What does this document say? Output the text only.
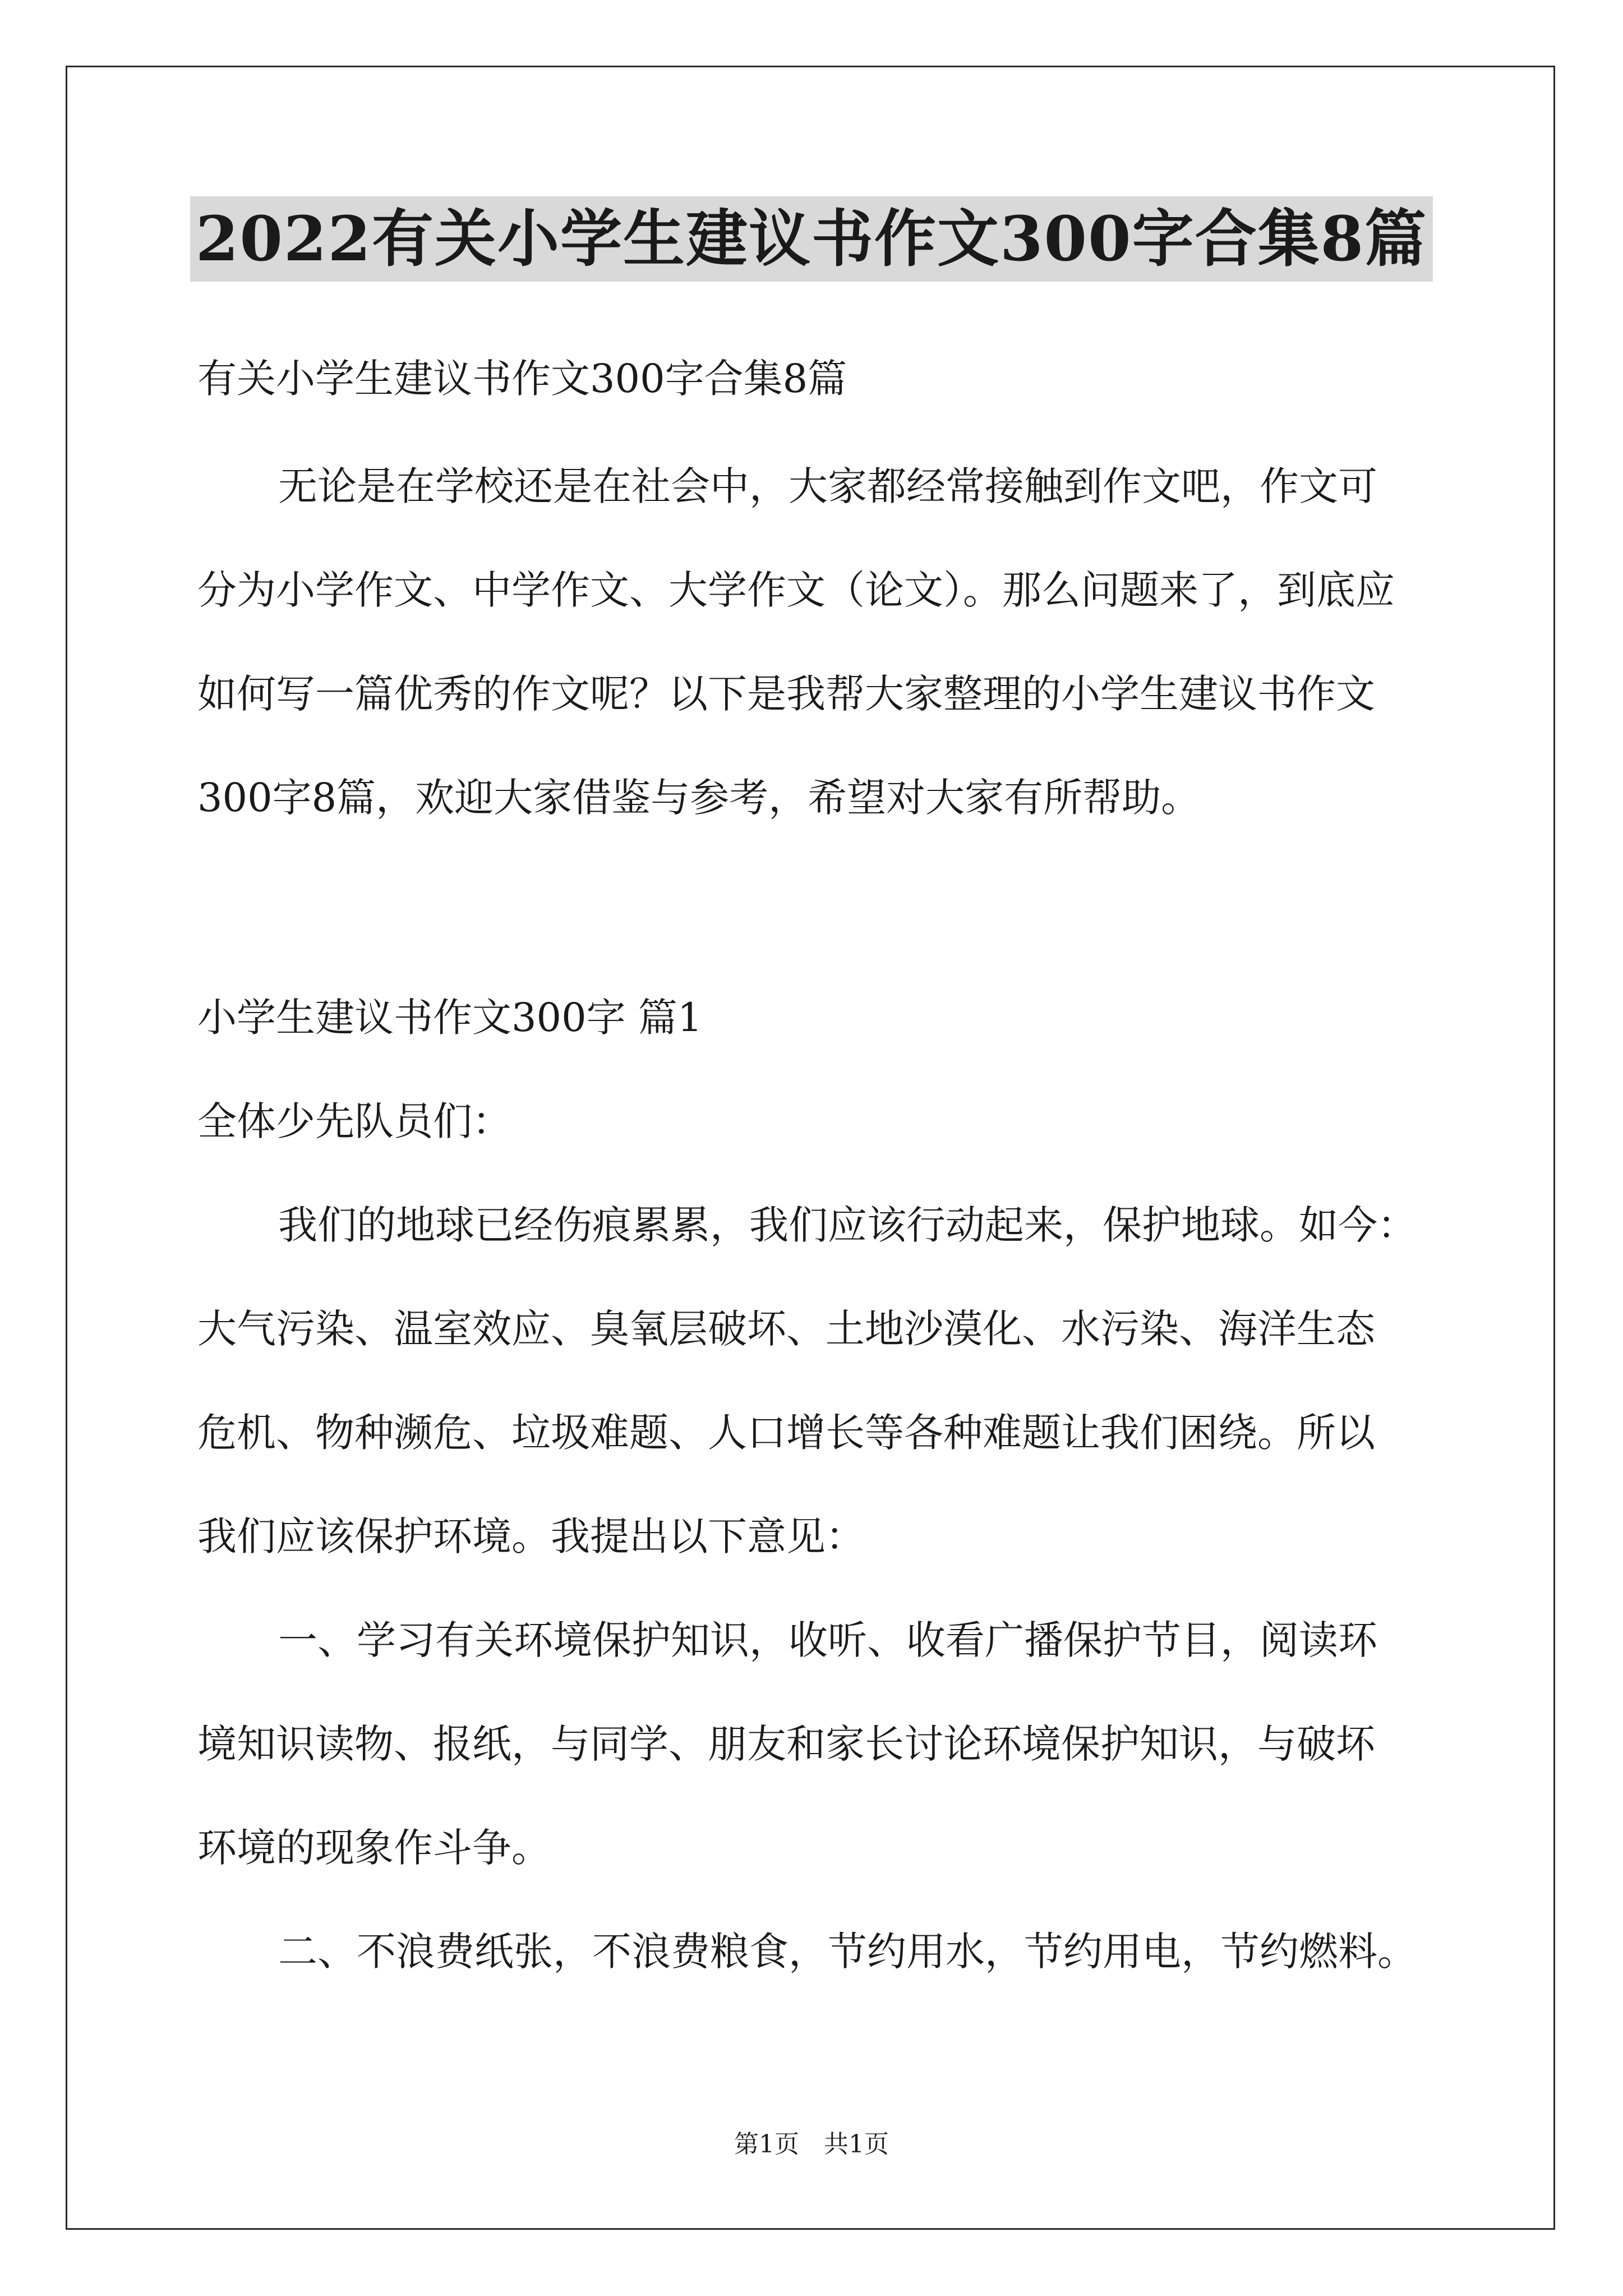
2022有关小学生建议书作文300字合集8篇
有关小学生建议书作文300字合集8篇
无论是在学校还是在社会中，大家都经常接触到作文吧，作文可
分为小学作文、中学作文、大学作文（论文）。那么问题来了，到底应
如何写一篇优秀的作文呢？以下是我帮大家整理的小学生建议书作文
300字8篇，欢迎大家借鉴与参考，希望对大家有所帮助。
小学生建议书作文300字 篇1
全体少先队员们：
我们的地球已经伤痕累累，我们应该行动起来，保护地球。如今：
大气污染、温室效应、臭氧层破坏、土地沙漠化、水污染、海洋生态
危机、物种濒危、垃圾难题、人口增长等各种难题让我们困绕。所以
我们应该保护环境。我提出以下意见：
一、学习有关环境保护知识，收听、收看广播保护节目，阅读环
境知识读物、报纸，与同学、朋友和家长讨论环境保护知识，与破坏
环境的现象作斗争。
二、不浪费纸张，不浪费粮食，节约用水，节约用电，节约燃料。
第1页　共1页
